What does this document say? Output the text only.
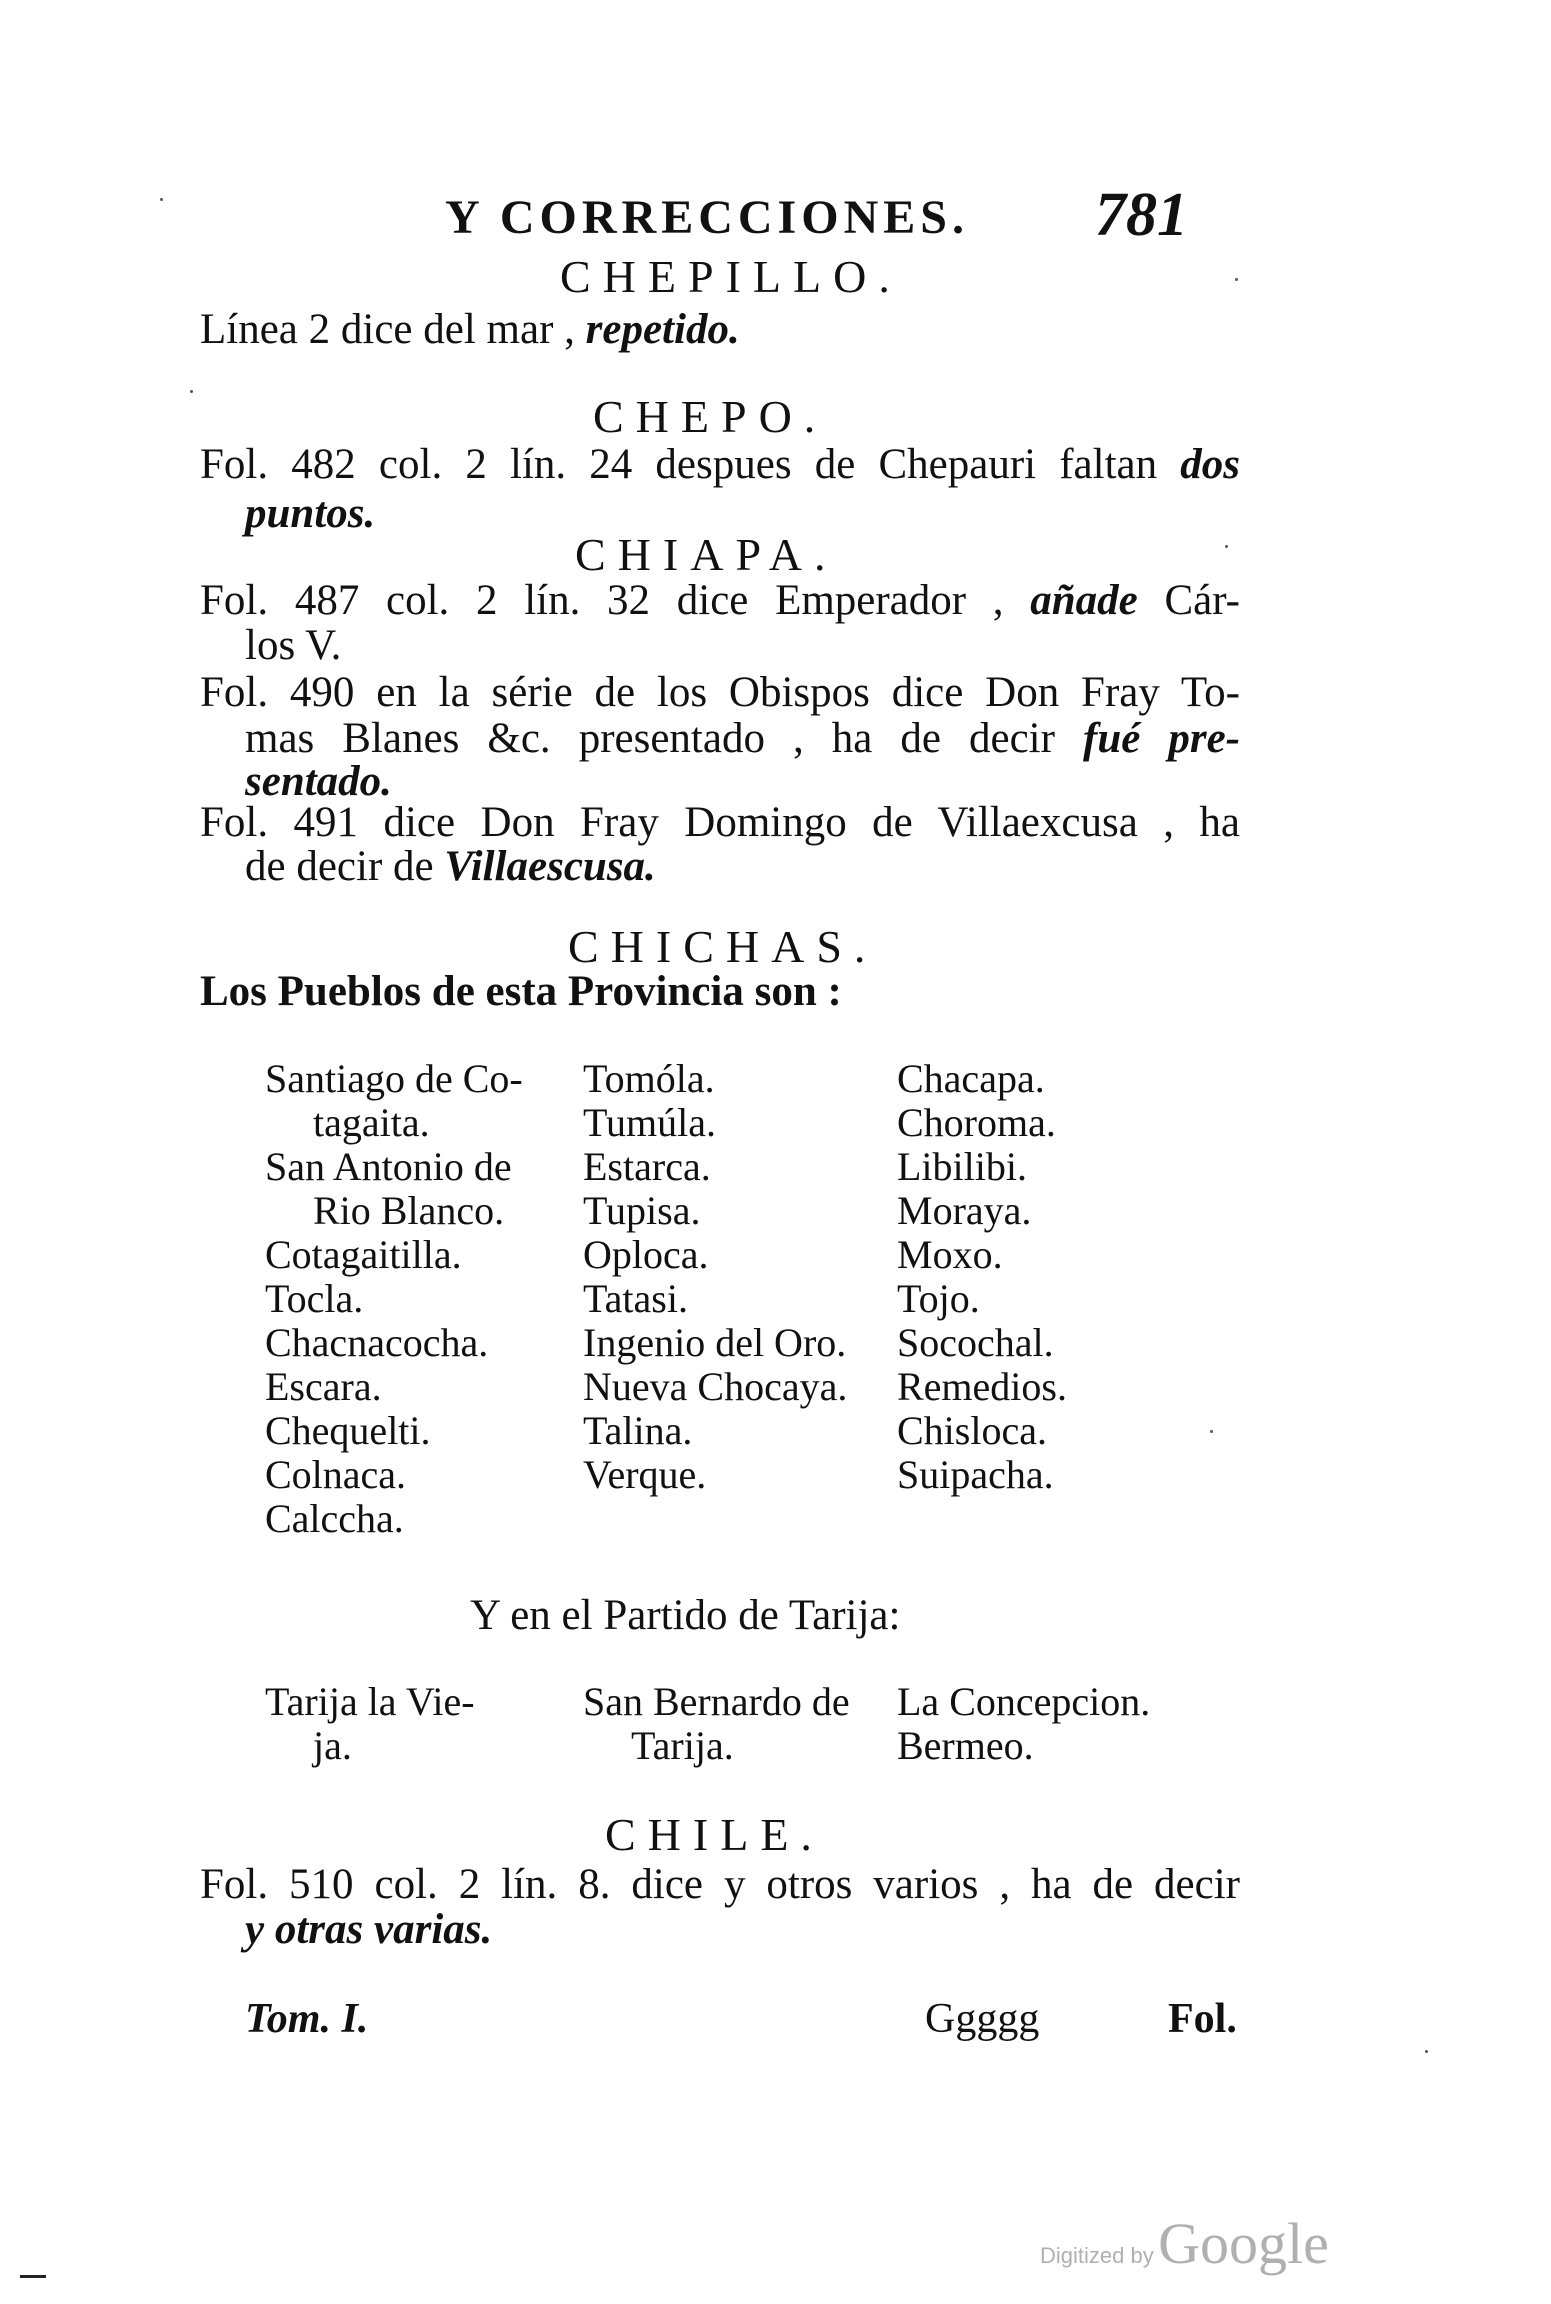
Y CORRECCIONES. 781
CHEPILLO.
Línea 2 dice del mar , repetido.
CHEPO.
Fol. 482 col. 2 lín. 24 despues de Chepauri faltan dos
puntos.
CHIAPA.
Fol. 487 col. 2 lín. 32 dice Emperador , añade Cár-
los V.
Fol. 490 en la série de los Obispos dice Don Fray To-
mas Blanes &c. presentado , ha de decir fué pre-
sentado.
Fol. 491 dice Don Fray Domingo de Villaexcusa , ha
de decir de Villaescusa.
CHICHAS.
Los Pueblos de esta Provincia son :
Santiago de Co-
tagaita.
San Antonio de
Rio Blanco.
Cotagaitilla.
Tocla.
Chacnacocha.
Escara.
Chequelti.
Colnaca.
Calccha.
Tomóla.
Tumúla.
Estarca.
Tupisa.
Oploca.
Tatasi.
Ingenio del Oro.
Nueva Chocaya.
Talina.
Verque.
Chacapa.
Choroma.
Libilibi.
Moraya.
Moxo.
Tojo.
Socochal.
Remedios.
Chisloca.
Suipacha.
Y en el Partido de Tarija:
Tarija la Vie-
ja.
San Bernardo de
Tarija.
La Concepcion.
Bermeo.
CHILE.
Fol. 510 col. 2 lín. 8. dice y otros varios , ha de decir
y otras varias.
Tom. I.	Ggggg	Fol.
Digitized by Google
